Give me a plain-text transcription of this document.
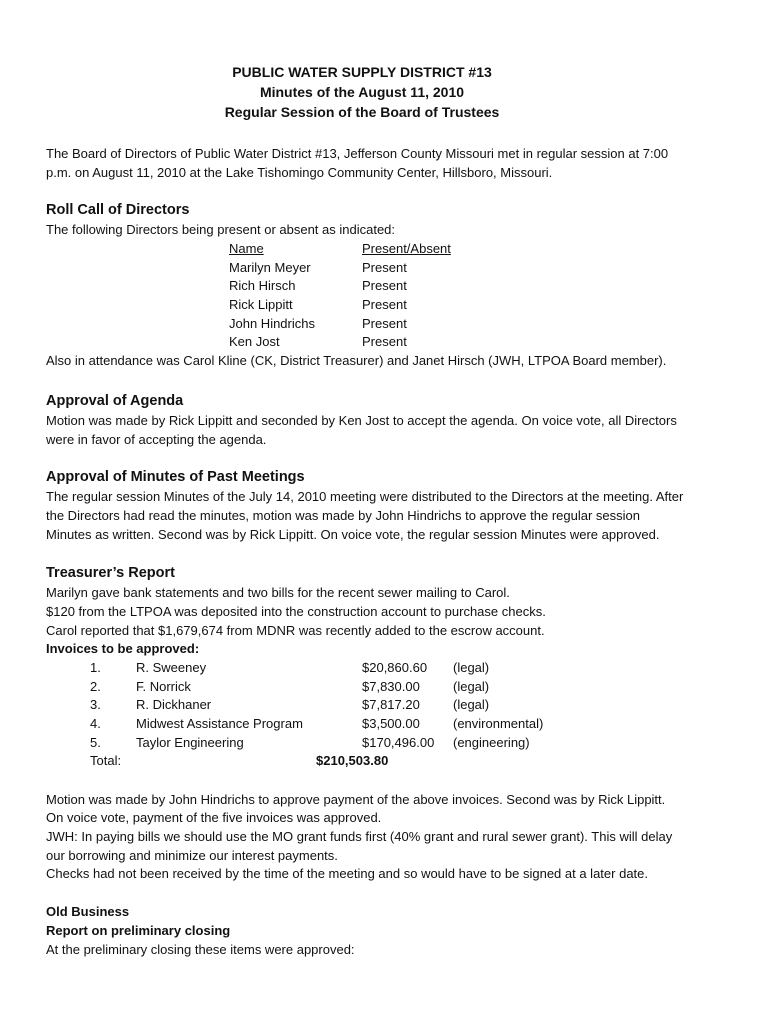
PUBLIC WATER SUPPLY DISTRICT #13
Minutes of the August 11, 2010
Regular Session of the Board of Trustees
The Board of Directors of Public Water District #13, Jefferson County Missouri met in regular session at 7:00
p.m. on August 11, 2010 at the Lake Tishomingo Community Center, Hillsboro, Missouri.
Roll Call of Directors
The following Directors being present or absent as indicated:
Name	Present/Absent
Marilyn Meyer	Present
Rich Hirsch	Present
Rick Lippitt	Present
John Hindrichs	Present
Ken Jost	Present
Also in attendance was Carol Kline (CK, District Treasurer) and Janet Hirsch (JWH, LTPOA Board member).
Approval of Agenda
Motion was made by Rick Lippitt and seconded by Ken Jost to accept the agenda. On voice vote, all Directors
were in favor of accepting the agenda.
Approval of Minutes of Past Meetings
The regular session Minutes of the July 14, 2010 meeting were distributed to the Directors at the meeting. After
the Directors had read the minutes, motion was made by John Hindrichs to approve the regular session
Minutes as written. Second was by Rick Lippitt. On voice vote, the regular session Minutes were approved.
Treasurer’s Report
Marilyn gave bank statements and two bills for the recent sewer mailing to Carol.
$120 from the LTPOA was deposited into the construction account to purchase checks.
Carol reported that $1,679,674 from MDNR was recently added to the escrow account.
Invoices to be approved:
1.	R. Sweeney	$20,860.60 (legal)
2.	F. Norrick	$7,830.00	(legal)
3.	R. Dickhaner	$7,817.20	(legal)
4.	Midwest Assistance Program	$3,500.00	(environmental)
5.	Taylor Engineering	$170,496.00 (engineering)
Total:	$210,503.80
Motion was made by John Hindrichs to approve payment of the above invoices. Second was by Rick Lippitt.
On voice vote, payment of the five invoices was approved.
JWH: In paying bills we should use the MO grant funds first (40% grant and rural sewer grant). This will delay
our borrowing and minimize our interest payments.
Checks had not been received by the time of the meeting and so would have to be signed at a later date.
Old Business
Report on preliminary closing
At the preliminary closing these items were approved:
